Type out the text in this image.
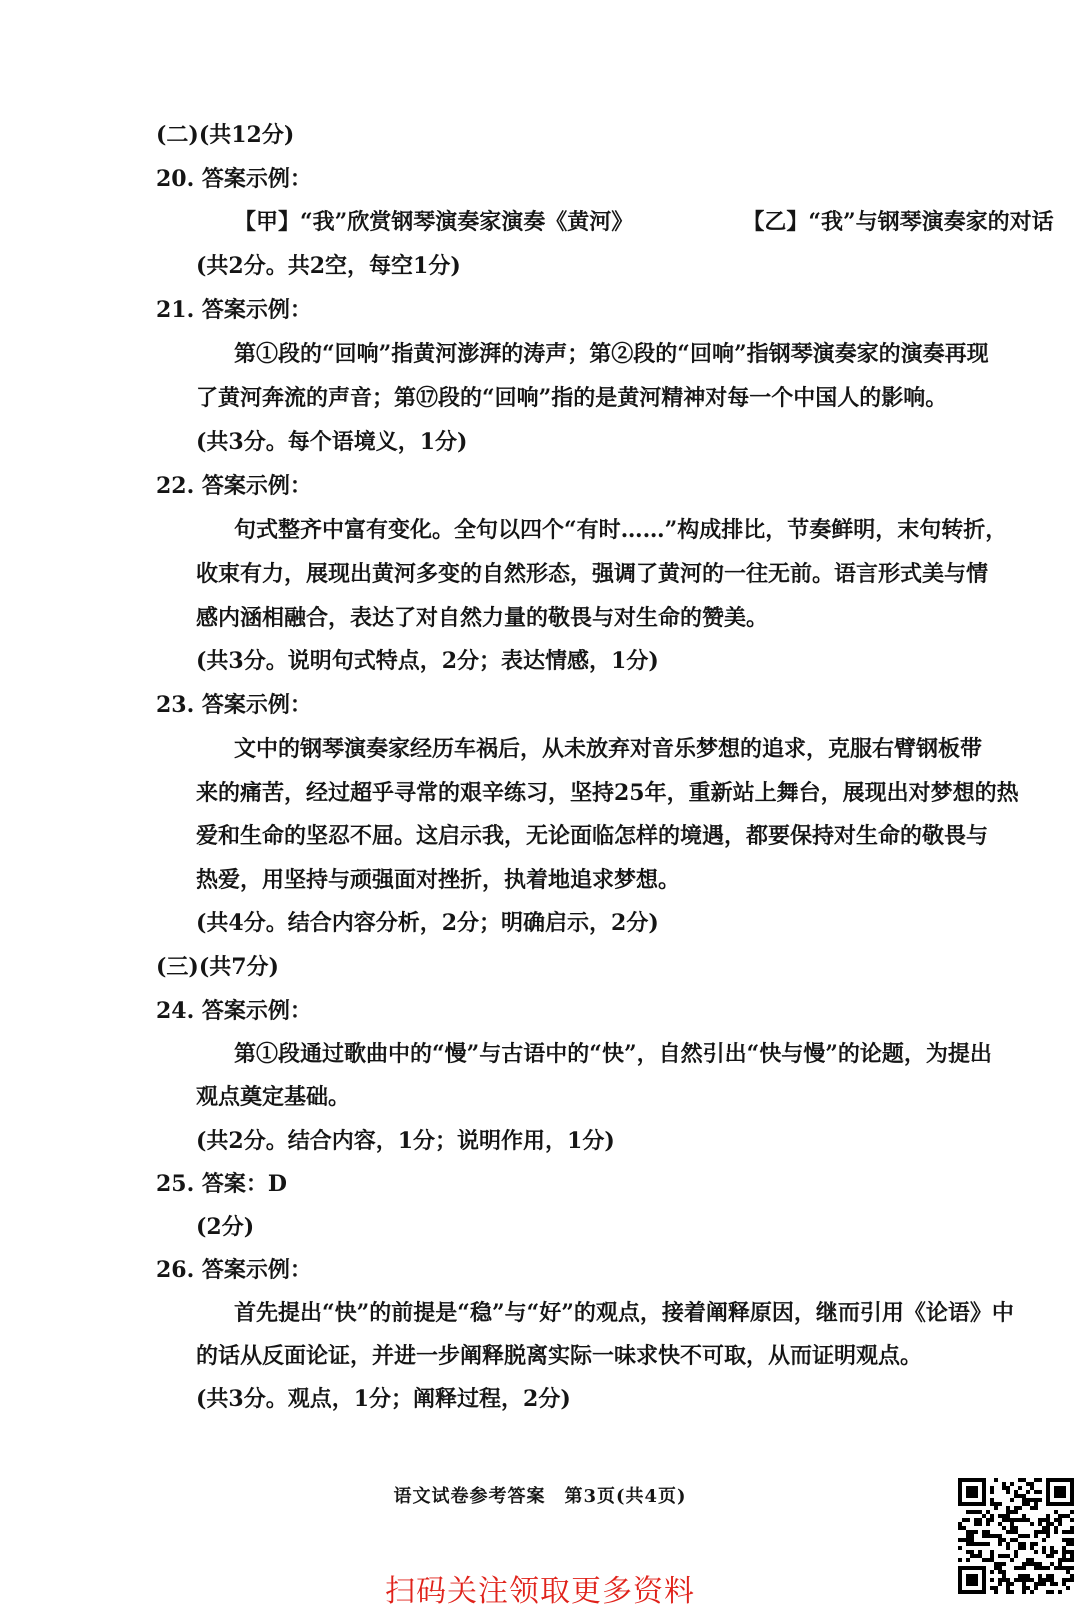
(二)(共12分)
20. 答案示例：
【甲】“我”欣赏钢琴演奏家演奏《黄河》	【乙】“我”与钢琴演奏家的对话
(共2分。共2空，每空1分)
21. 答案示例：
第①段的“回响”指黄河澎湃的涛声；第②段的“回响”指钢琴演奏家的演奏再现
了黄河奔流的声音；第⑰段的“回响”指的是黄河精神对每一个中国人的影响。
(共3分。每个语境义，1分)
22. 答案示例：
句式整齐中富有变化。全句以四个“有时……”构成排比，节奏鲜明，末句转折，
收束有力，展现出黄河多变的自然形态，强调了黄河的一往无前。语言形式美与情
感内涵相融合，表达了对自然力量的敬畏与对生命的赞美。
(共3分。说明句式特点，2分；表达情感，1分)
23. 答案示例：
文中的钢琴演奏家经历车祸后，从未放弃对音乐梦想的追求，克服右臂钢板带
来的痛苦，经过超乎寻常的艰辛练习，坚持25年，重新站上舞台，展现出对梦想的热
爱和生命的坚忍不屈。这启示我，无论面临怎样的境遇，都要保持对生命的敬畏与
热爱，用坚持与顽强面对挫折，执着地追求梦想。
(共4分。结合内容分析，2分；明确启示，2分)
(三)(共7分)
24. 答案示例：
第①段通过歌曲中的“慢”与古语中的“快”，自然引出“快与慢”的论题，为提出
观点奠定基础。
(共2分。结合内容，1分；说明作用，1分)
25. 答案：D
(2分)
26. 答案示例：
首先提出“快”的前提是“稳”与“好”的观点，接着阐释原因，继而引用《论语》中
的话从反面论证，并进一步阐释脱离实际一味求快不可取，从而证明观点。
(共3分。观点，1分；阐释过程，2分)
语文试卷参考答案　第3页(共4页)
扫码关注领取更多资料
